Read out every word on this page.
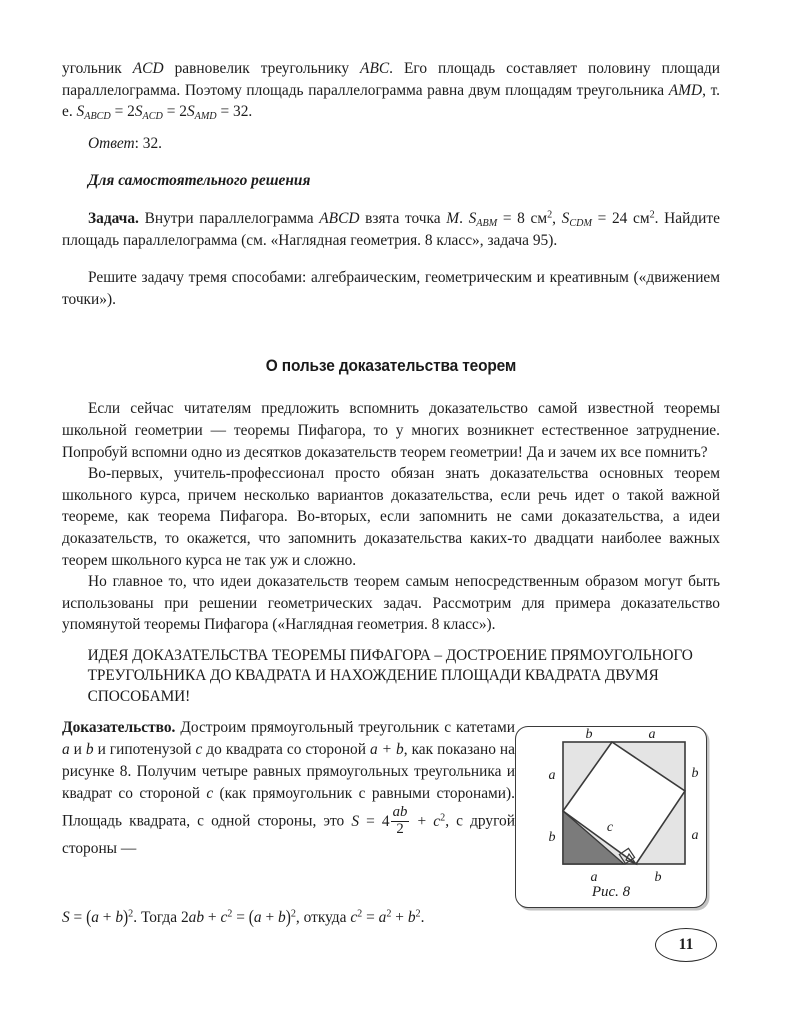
угольник ACD равновелик треугольнику ABC. Его площадь составляет половину площади параллелограмма. Поэтому площадь параллелограмма равна двум площадям треугольника AMD, т. е. $S_{ABCD} = 2S_{ACD} = 2S_{AMD} = 32$.

Ответ: 32.

Для самостоятельного решения

Задача. Внутри параллелограмма ABCD взята точка M. $S_{ABM} = 8$ $см^2$, $S_{CDM} = 24$ $см^2$. Найдите площадь параллелограмма (см. «Наглядная геометрия. 8 класс», задача 95).

Решите задачу тремя способами: алгебраическим, геометрическим и креативным («движением точки»).

О пользе доказательства теорем

Если сейчас читателям предложить вспомнить доказательство самой известной теоремы школьной геометрии — теоремы Пифагора, то у многих возникнет естественное затруднение. Попробуй вспомни одно из десятков доказательств теорем геометрии! Да и зачем их все помнить?

Во-первых, учитель-профессионал просто обязан знать доказательства основных теорем школьного курса, причем несколько вариантов доказательства, если речь идет о такой важной теореме, как теорема Пифагора. Во-вторых, если запомнить не сами доказательства, а идеи доказательств, то окажется, что запомнить доказательства каких-то двадцати наиболее важных теорем школьного курса не так уж и сложно.

Но главное то, что идеи доказательств теорем самым непосредственным образом могут быть использованы при решении геометрических задач. Рассмотрим для примера доказательство упомянутой теоремы Пифагора («Наглядная геометрия. 8 класс»).

ИДЕЯ ДОКАЗАТЕЛЬСТВА ТЕОРЕМЫ ПИФАГОРА – ДОСТРОЕНИЕ ПРЯМОУГОЛЬНОГО ТРЕУГОЛЬНИКА ДО КВАДРАТА И НАХОЖДЕНИЕ ПЛОЩАДИ КВАДРАТА ДВУМЯ СПОСОБАМИ!

Доказательство. Достроим прямоугольный треугольник с катетами a и b и гипотенузой c до квадрата со стороной a + b, как показано на рисунке 8. Получим четыре равных прямоугольных треугольника и квадрат со стороной c (как прямоугольник с равными сторонами). Площадь квадрата, с одной стороны, это $S = 4 \frac{ab}{2} + c^2$, с другой стороны —

$S = (a + b)^2$. Тогда $2ab + c^2 = (a + b)^2$, откуда $c^2 = a^2 + b^2$.

b	a
b
a
a
b
a	b
c
Рис. 8
11
